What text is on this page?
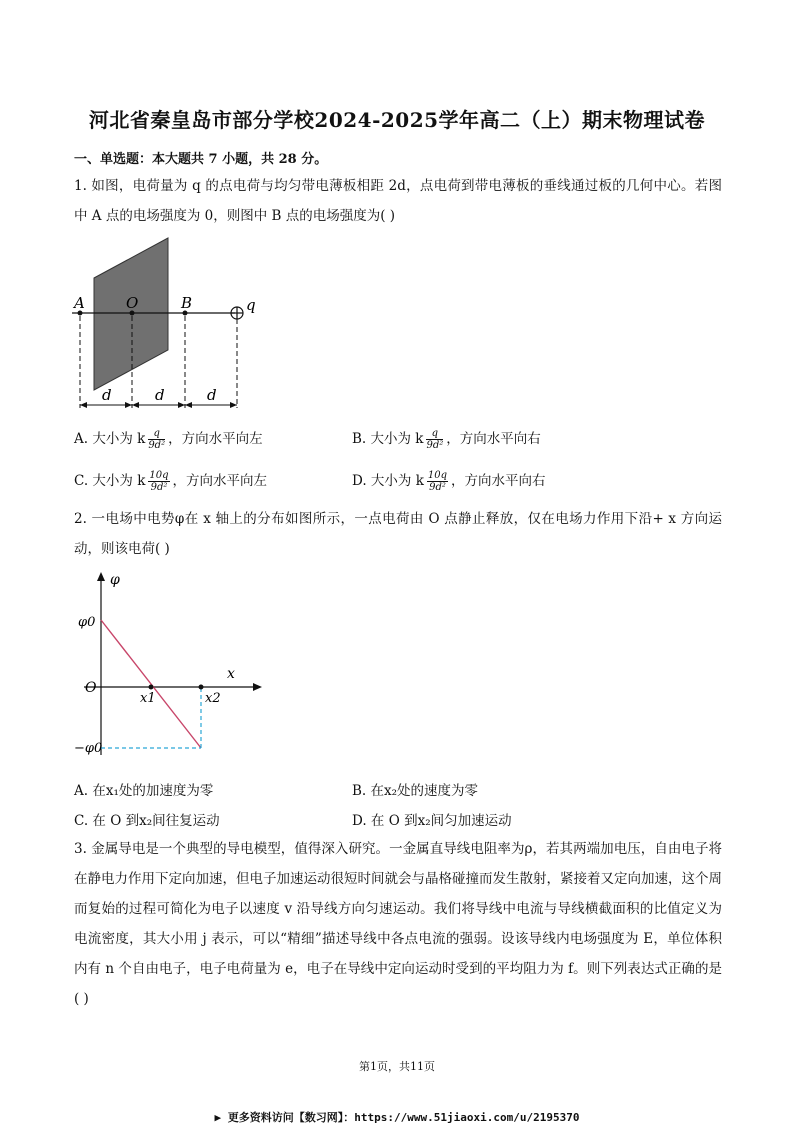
河北省秦皇岛市部分学校2024-2025学年高二（上）期末物理试卷
一、单选题：本大题共 7 小题，共 28 分。
1. 如图，电荷量为 q 的点电荷与均匀带电薄板相距 2d，点电荷到带电薄板的垂线通过板的几何中心。若图中 A 点的电场强度为 0，则图中 B 点的电场强度为( )
A	O	B	q
d	d	d
A. 大小为 k $\frac{q}{\text{9d²}}$ ，方向水平向左	B. 大小为 k $\frac{q}{\text{9d²}}$ ，方向水平向右
C. 大小为 k $\frac{10q}{\text{9d²}}$ ，方向水平向左	D. 大小为 k $\frac{10q}{\text{9d²}}$ ，方向水平向右
2. 一电场中电势φ在 x 轴上的分布如图所示，一点电荷由 O 点静止释放，仅在电场力作用下沿+ x 方向运动，则该电荷( )
φ
x
O
φ0
−φ0
x1	x2
A. 在x₁处的加速度为零	B. 在x₂处的速度为零
C. 在 O 到x₂间往复运动	D. 在 O 到x₂间匀加速运动
3. 金属导电是一个典型的导电模型，值得深入研究。一金属直导线电阻率为ρ，若其两端加电压，自由电子将在静电力作用下定向加速，但电子加速运动很短时间就会与晶格碰撞而发生散射，紧接着又定向加速，这个周而复始的过程可简化为电子以速度 v 沿导线方向匀速运动。我们将导线中电流与导线横截面积的比值定义为电流密度，其大小用 j 表示，可以“精细”描述导线中各点电流的强弱。设该导线内电场强度为 E，单位体积内有 n 个自由电子，电子电荷量为 e，电子在导线中定向运动时受到的平均阻力为 f。则下列表达式正确的是( )
第1页，共11页
▶ 更多资料访问【数习网】：https://www.51jiaoxi.com/u/2195370
